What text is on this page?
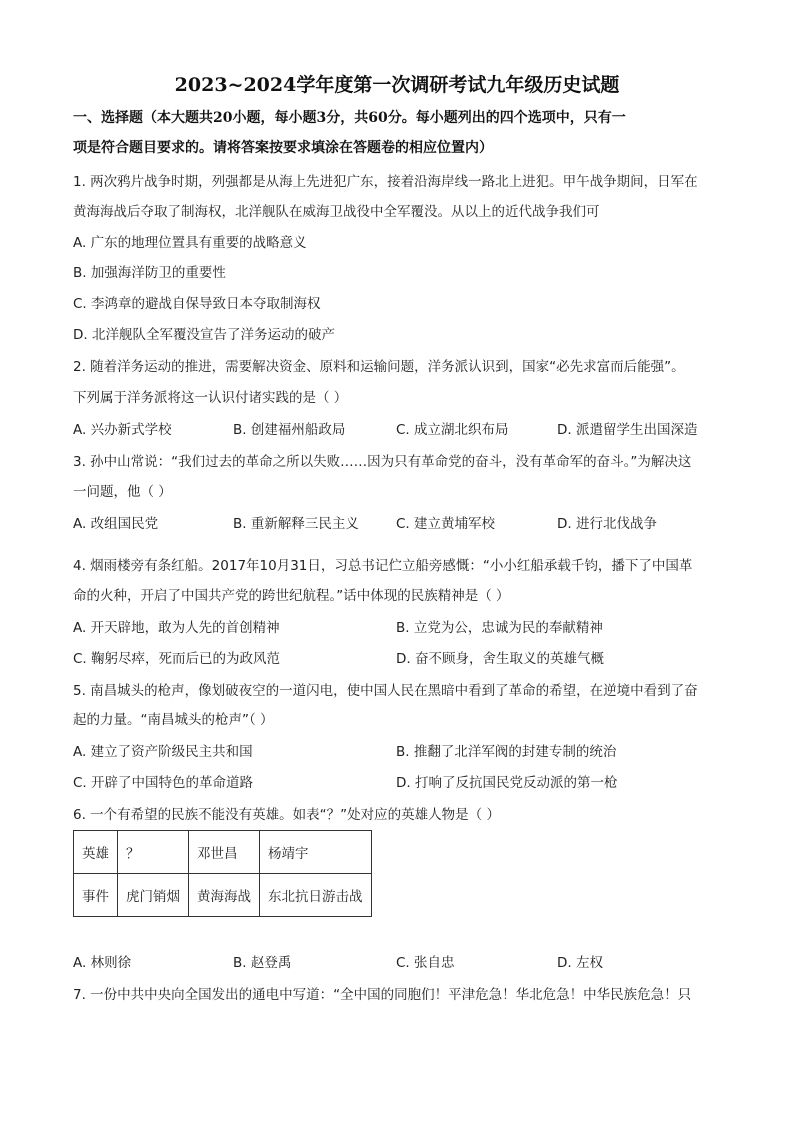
2023~2024学年度第一次调研考试九年级历史试题
一、选择题（本大题共20小题，每小题3分，共60分。每小题列出的四个选项中，只有一
项是符合题目要求的。请将答案按要求填涂在答题卷的相应位置内）
1. 两次鸦片战争时期，列强都是从海上先进犯广东，接着沿海岸线一路北上进犯。甲午战争期间，日军在
黄海海战后夺取了制海权，北洋舰队在威海卫战役中全军覆没。从以上的近代战争我们可
A. 广东的地理位置具有重要的战略意义
B. 加强海洋防卫的重要性
C. 李鸿章的避战自保导致日本夺取制海权
D. 北洋舰队全军覆没宣告了洋务运动的破产
2. 随着洋务运动的推进，需要解决资金、原料和运输问题，洋务派认识到，国家“必先求富而后能强”。
下列属于洋务派将这一认识付诸实践的是（ ）
A. 兴办新式学校	B. 创建福州船政局	C. 成立湖北织布局	D. 派遣留学生出国深造
3. 孙中山常说：“我们过去的革命之所以失败……因为只有革命党的奋斗，没有革命军的奋斗。”为解决这
一问题，他（ ）
A. 改组国民党	B. 重新解释三民主义	C. 建立黄埔军校	D. 进行北伐战争
4. 烟雨楼旁有条红船。2017年10月31日，习总书记伫立船旁感慨：“小小红船承载千钧，播下了中国革
命的火种，开启了中国共产党的跨世纪航程。”话中体现的民族精神是（ ）
A. 开天辟地，敢为人先的首创精神	B. 立党为公，忠诚为民的奉献精神
C. 鞠躬尽瘁，死而后已的为政风范	D. 奋不顾身，舍生取义的英雄气概
5. 南昌城头的枪声，像划破夜空的一道闪电，使中国人民在黑暗中看到了革命的希望，在逆境中看到了奋
起的力量。“南昌城头的枪声”（ ）
A. 建立了资产阶级民主共和国	B. 推翻了北洋军阀的封建专制的统治
C. 开辟了中国特色的革命道路	D. 打响了反抗国民党反动派的第一枪
6. 一个有希望的民族不能没有英雄。如表“？”处对应的英雄人物是（ ）
英雄	？	邓世昌	杨靖宇
事件	虎门销烟	黄海海战	东北抗日游击战
A. 林则徐	B. 赵登禹	C. 张自忠	D. 左权
7. 一份中共中央向全国发出的通电中写道：“全中国的同胞们！平津危急！华北危急！中华民族危急！只
